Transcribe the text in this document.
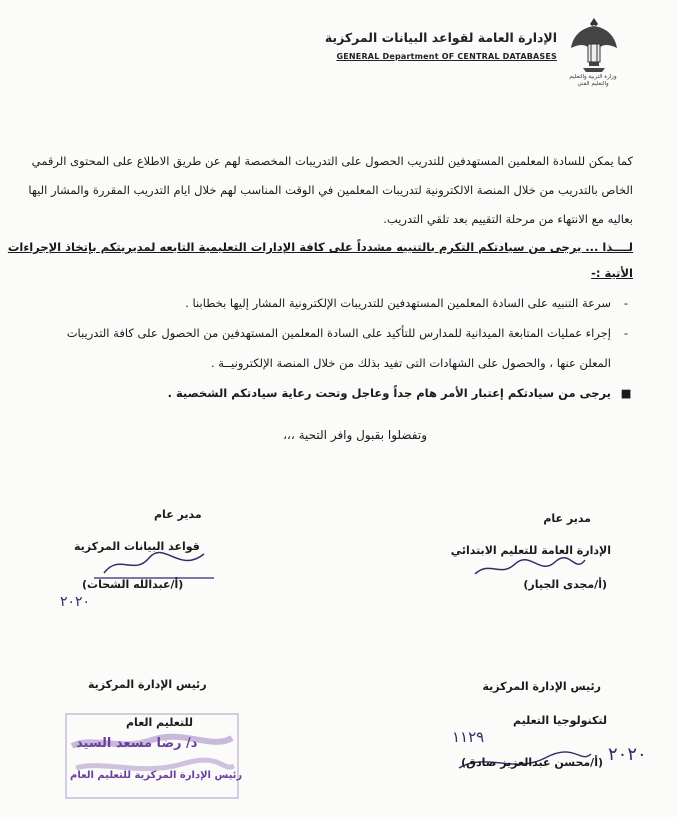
الإدارة العامة لقواعد البيانات المركزية
GENERAL Department OF CENTRAL DATABASES
وزارة التربية والتعليم والتعليم الفني
كما يمكن للسادة المعلمين المستهدفين للتدريب الحصول على التدريبات المخصصة لهم عن طريق الاطلاع على المحتوى الرقمي
الخاص بالتدريب من خلال المنصة الالكترونية لتدريبات المعلمين في الوقت المناسب لهم خلال ايام التدريب المقررة والمشار اليها
بعاليه مع الانتهاء من مرحلة التقييم بعد تلقي التدريب.
لــــذا ... يرجى من سيادتكم التكرم بالتنبيه مشدداً على كافة الإدارات التعليمية التابعه لمديريتكم بإتخاذ الإجراءات
الأتية :-
-سرعة التنبيه على السادة المعلمين المستهدفين للتدريبات الإلكترونية المشار إليها بخطابنا .
-إجراء عمليات المتابعة الميدانية للمدارس للتأكيد على السادة المعلمين المستهدفين من الحصول على كافة التدريبات
المعلن عنها ، والحصول على الشهادات التى تفيد بذلك من خلال المنصة الإلكترونيــة .
■يرجى من سيادتكم إعتبار الأمر هام جداً وعاجل وتحت رعاية سيادتكم الشخصية .
وتفضلوا بقبول وافر التحية ،،،
مدير عام
الإدارة العامة للتعليم الابتدائي
(أ/مجدى الجيار)
مدير عام
قواعد البيانات المركزية
(أ/عبدالله الشحات)
٢٠٢٠
رئيس الإدارة المركزية
لتكنولوجيا التعليم
١١٢٩
(أ/محسن عبدالعزيز صادق) ٢٠٢٠
رئيس الإدارة المركزية
للتعليم العام
د/ رضا مسعد السيد
رئيس الإدارة المركزية للتعليم العام
